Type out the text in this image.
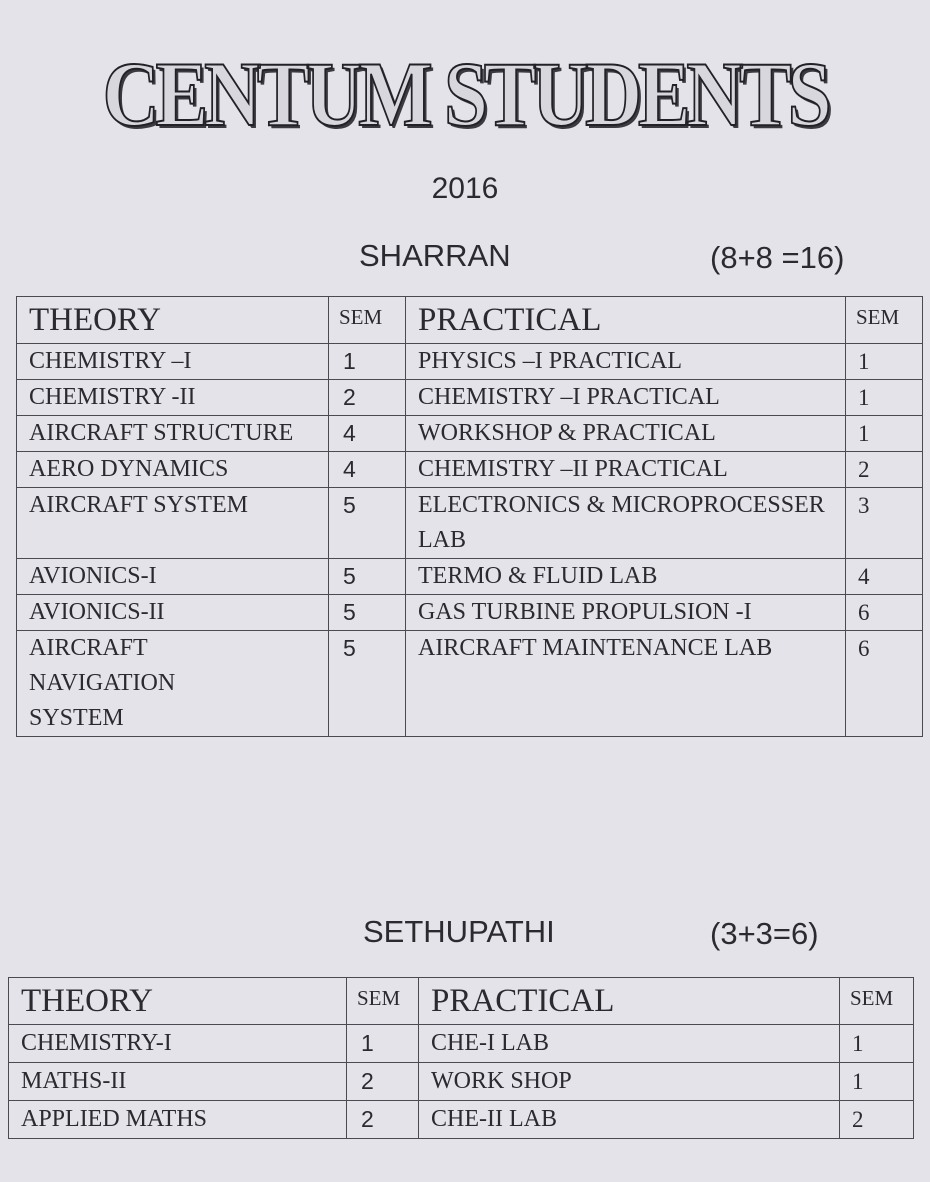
CENTUM STUDENTS
2016
SHARRAN	(8+8 =16)
THEORY	SEM	PRACTICAL	SEM
CHEMISTRY –I	1	PHYSICS –I PRACTICAL	1
CHEMISTRY -II	2	CHEMISTRY –I PRACTICAL	1
AIRCRAFT STRUCTURE	4	WORKSHOP & PRACTICAL	1
AERO DYNAMICS	4	CHEMISTRY –II PRACTICAL	2
AIRCRAFT SYSTEM	5	ELECTRONICS & MICROPROCESSER LAB	3
AVIONICS-I	5	TERMO & FLUID LAB	4
AVIONICS-II	5	GAS TURBINE PROPULSION -I	6
AIRCRAFT NAVIGATION SYSTEM	5	AIRCRAFT MAINTENANCE LAB	6
SETHUPATHI	(3+3=6)
THEORY	SEM	PRACTICAL	SEM
CHEMISTRY-I	1	CHE-I LAB	1
MATHS-II	2	WORK SHOP	1
APPLIED MATHS	2	CHE-II LAB	2
